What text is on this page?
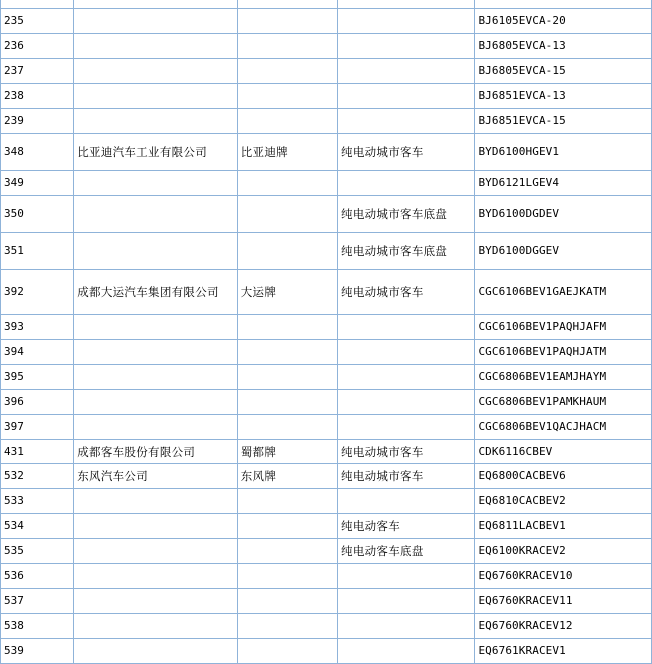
235				BJ6105EVCA-20
236				BJ6805EVCA-13
237				BJ6805EVCA-15
238				BJ6851EVCA-13
239				BJ6851EVCA-15
348	比亚迪汽车工业有限公司	比亚迪牌	纯电动城市客车	BYD6100HGEV1
349				BYD6121LGEV4
350			纯电动城市客车底盘	BYD6100DGDEV
351			纯电动城市客车底盘	BYD6100DGGEV
392	成都大运汽车集团有限公司	大运牌	纯电动城市客车	CGC6106BEV1GAEJKATM
393				CGC6106BEV1PAQHJAFM
394				CGC6106BEV1PAQHJATM
395				CGC6806BEV1EAMJHAYM
396				CGC6806BEV1PAMKHAUM
397				CGC6806BEV1QACJHACM
431	成都客车股份有限公司	蜀都牌	纯电动城市客车	CDK6116CBEV
532	东风汽车公司	东风牌	纯电动城市客车	EQ6800CACBEV6
533				EQ6810CACBEV2
534			纯电动客车	EQ6811LACBEV1
535			纯电动客车底盘	EQ6100KRACEV2
536				EQ6760KRACEV10
537				EQ6760KRACEV11
538				EQ6760KRACEV12
539				EQ6761KRACEV1
